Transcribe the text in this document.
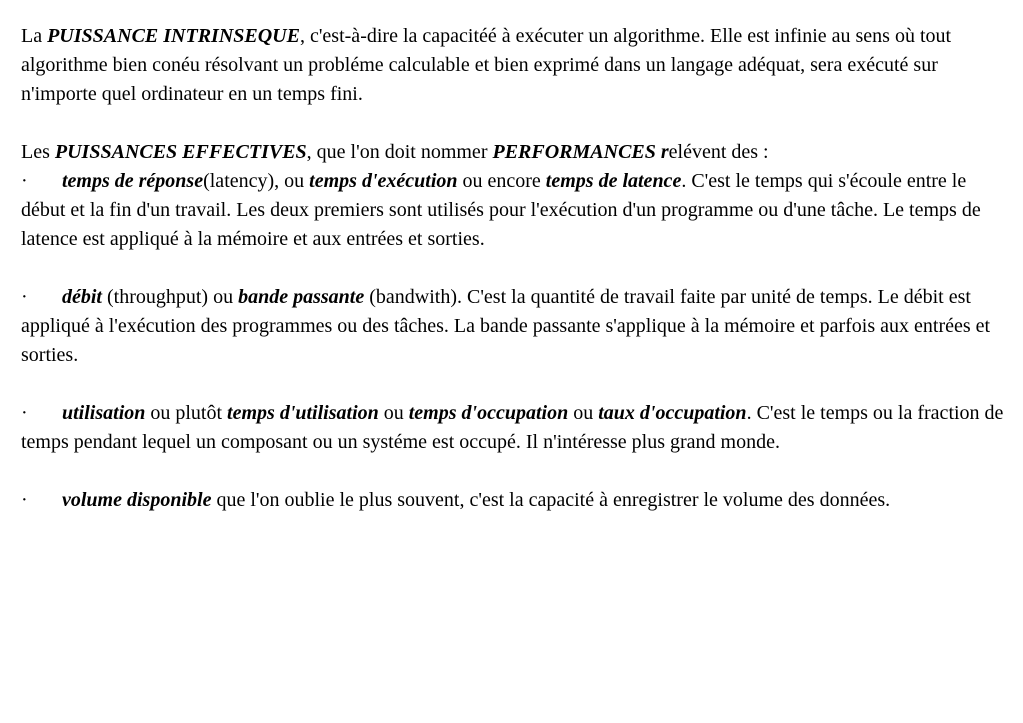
La PUISSANCE INTRINSEQUE, c'est-à-dire la capacitéé à exécuter un algorithme. Elle est infinie au sens où tout algorithme bien conéu résolvant un probléme calculable et bien exprimé dans un langage adéquat, sera exécuté sur n'importe quel ordinateur en un temps fini.

Les PUISSANCES EFFECTIVES, que l'on doit nommer PERFORMANCES relévent des :

· temps de réponse(latency), ou temps d'exécution ou encore temps de latence. C'est le temps qui s'écoule entre le début et la fin d'un travail. Les deux premiers sont utilisés pour l'exécution d'un programme ou d'une tâche. Le temps de latence est appliqué à la mémoire et aux entrées et sorties.

· débit (throughput) ou bande passante (bandwith). C'est la quantité de travail faite par unité de temps. Le débit est appliqué à l'exécution des programmes ou des tâches. La bande passante s'applique à la mémoire et parfois aux entrées et sorties.

· utilisation ou plutôt temps d'utilisation ou temps d'occupation ou taux d'occupation. C'est le temps ou la fraction de temps pendant lequel un composant ou un systéme est occupé. Il n'intéresse plus grand monde.

· volume disponible que l'on oublie le plus souvent, c'est la capacité à enregistrer le volume des données.
